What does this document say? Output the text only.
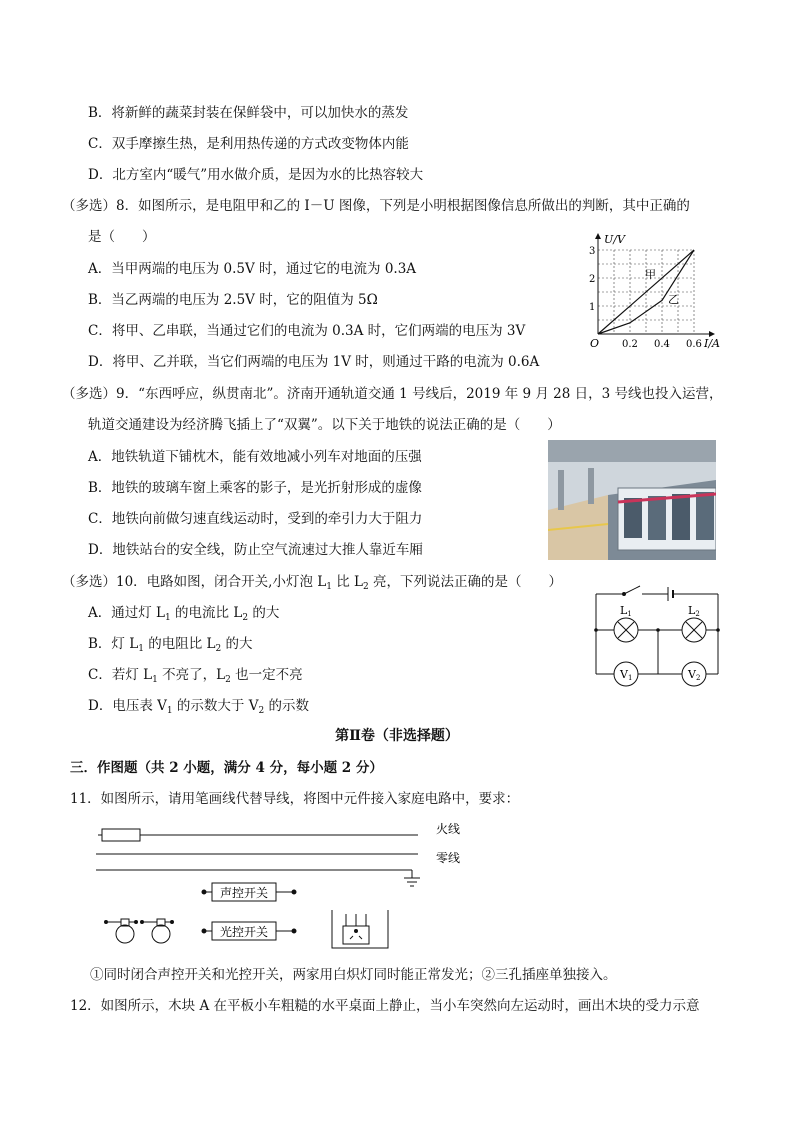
B．将新鲜的蔬菜封装在保鲜袋中，可以加快水的蒸发
C．双手摩擦生热，是利用热传递的方式改变物体内能
D．北方室内“暖气”用水做介质，是因为水的比热容较大
（多选）8．如图所示，是电阻甲和乙的 I－U 图像，下列是小明根据图像信息所做出的判断，其中正确的
是（　　）
A．当甲两端的电压为 0.5V 时，通过它的电流为 0.3A
B．当乙两端的电压为 2.5V 时，它的阻值为 5Ω
C．将甲、乙串联，当通过它们的电流为 0.3A 时，它们两端的电压为 3V
D．将甲、乙并联，当它们两端的电压为 1V 时，则通过干路的电流为 0.6A
0.2 0.4 0.6
1
2
3
U/V
I/A
O
甲
乙
（多选）9．“东西呼应，纵贯南北”。济南开通轨道交通 1 号线后，2019 年 9 月 28 日，3 号线也投入运营，
轨道交通建设为经济腾飞插上了“双翼”。以下关于地铁的说法正确的是（　　）
A．地铁轨道下铺枕木，能有效地减小列车对地面的压强
B．地铁的玻璃车窗上乘客的影子，是光折射形成的虚像
C．地铁向前做匀速直线运动时，受到的牵引力大于阻力
D．地铁站台的安全线，防止空气流速过大推人靠近车厢
（多选）10．电路如图，闭合开关,小灯泡 $L_1$ 比 $L_2$ 亮，下列说法正确的是（　　）
A．通过灯 $L_1$ 的电流比 $L_2$ 的大
B．灯 $L_1$ 的电阻比 $L_2$ 的大
C．若灯 $L_1$ 不亮了，$L_2$ 也一定不亮
D．电压表 $V_1$ 的示数大于 $V_2$ 的示数
L1	L2
V1	V2
第Ⅱ卷（非选择题）
三．作图题（共 2 小题，满分 4 分，每小题 2 分）
11．如图所示，请用笔画线代替导线，将图中元件接入家庭电路中，要求：
火线
零线
声控开关
光控开关
①同时闭合声控开关和光控开关，两家用白炽灯同时能正常发光；②三孔插座单独接入。
12．如图所示，木块 A 在平板小车粗糙的水平桌面上静止，当小车突然向左运动时，画出木块的受力示意
